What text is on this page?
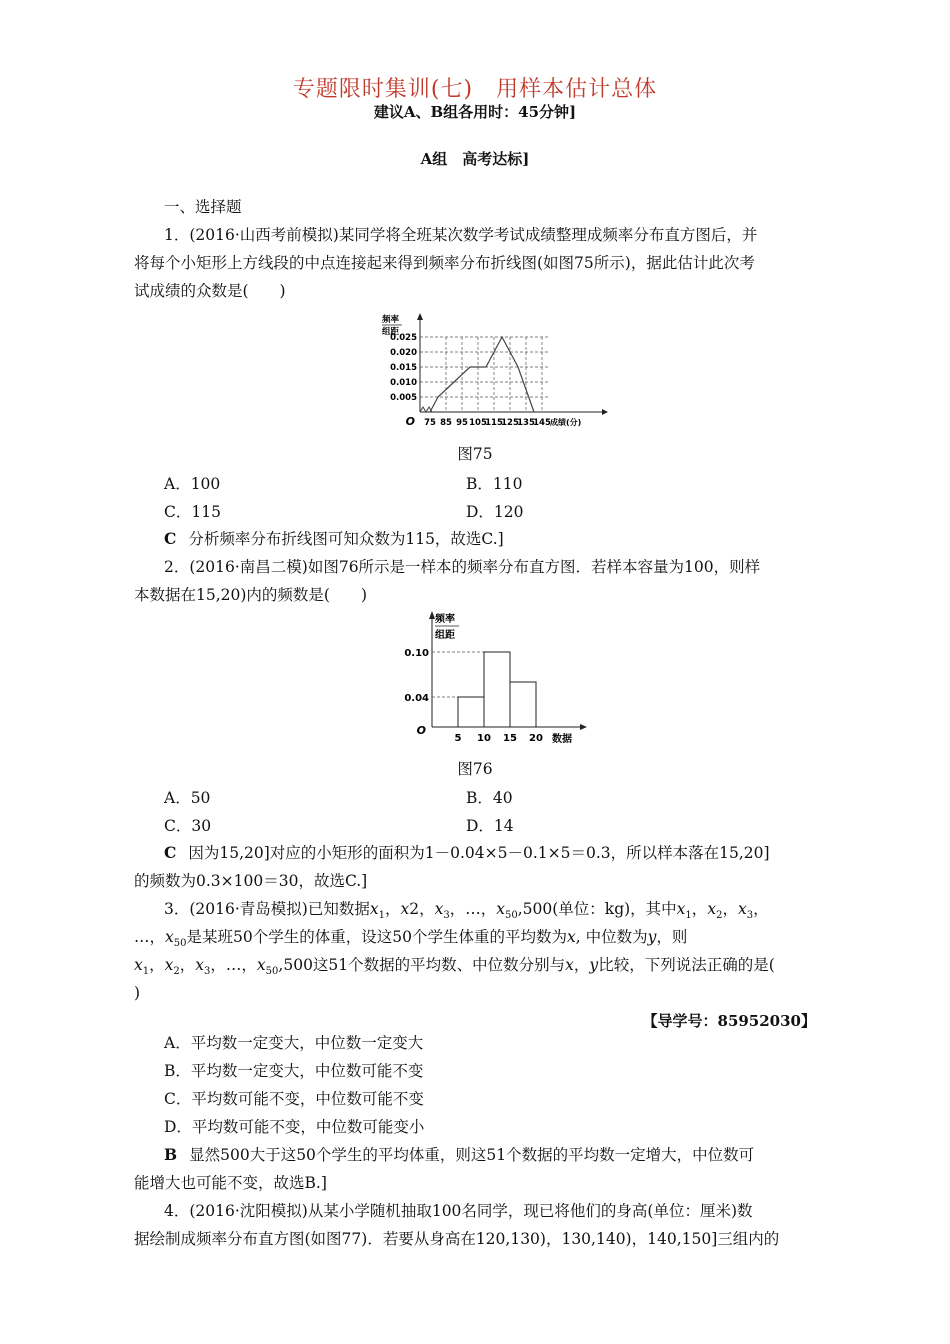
专题限时集训(七)　用样本估计总体
建议A、B组各用时：45分钟]
A组　高考达标]
一、选择题
1．(2016·山西考前模拟)某同学将全班某次数学考试成绩整理成频率分布直方图后，并
将每个小矩形上方线段的中点连接起来得到频率分布折线图(如图75所示)，据此估计此次考
试成绩的众数是(　　)
0.025
0.020
0.015
0.010
0.005
75 85 95 105
115
125
135
145 成绩(分)
O
频率
组距
图75
A．100	B．110
C．115	D．120
C 分析频率分布折线图可知众数为115，故选C.]
2．(2016·南昌二模)如图76所示是一样本的频率分布直方图．若样本容量为100，则样
本数据在15,20)内的频数是(　　)
0.10
0.04
5 10 15 20 数据
O
频率
组距
图76
A．50	B．40
C．30	D．14
C 因为15,20]对应的小矩形的面积为1－0.04×5－0.1×5＝0.3，所以样本落在15,20]
的频数为0.3×100＝30，故选C.]
3．(2016·青岛模拟)已知数据$x_1$，x2，$x_3$，…，$x_{50},500$(单位：kg)，其中$x_1$，$x_2$，$x_3$，
…，$x_{50}$是某班50个学生的体重，设这50个学生体重的平均数为x, 中位数为y，则
$x_1$，$x_2$，$x_3$，…，$x_{50},500$这51个数据的平均数、中位数分别与x，y比较，下列说法正确的是(
)
【导学号：85952030】
A．平均数一定变大，中位数一定变大
B．平均数一定变大，中位数可能不变
C．平均数可能不变，中位数可能不变
D．平均数可能不变，中位数可能变小
B 显然500大于这50个学生的平均体重，则这51个数据的平均数一定增大，中位数可
能增大也可能不变，故选B.]
4．(2016·沈阳模拟)从某小学随机抽取100名同学，现已将他们的身高(单位：厘米)数
据绘制成频率分布直方图(如图77)．若要从身高在120,130)，130,140)，140,150]三组内的
